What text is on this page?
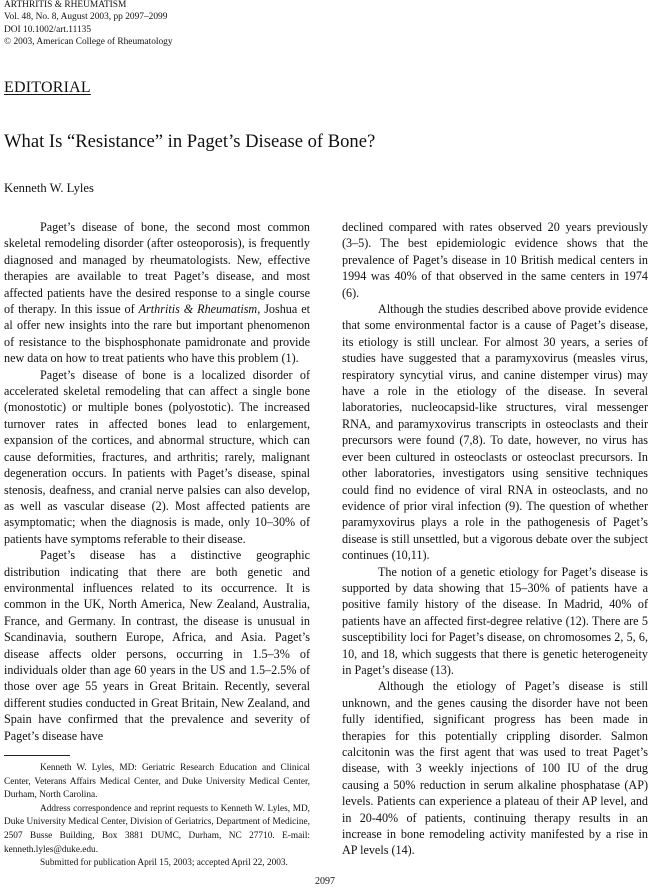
ARTHRITIS & RHEUMATISM
Vol. 48, No. 8, August 2003, pp 2097–2099
DOI 10.1002/art.11135
© 2003, American College of Rheumatology
EDITORIAL
What Is “Resistance” in Paget’s Disease of Bone?
Kenneth W. Lyles

Paget’s disease of bone, the second most common skeletal remodeling disorder (after osteoporosis), is frequently diagnosed and managed by rheumatologists. New, effective therapies are available to treat Paget’s disease, and most affected patients have the desired response to a single course of therapy. In this issue of Arthritis & Rheumatism, Joshua et al offer new insights into the rare but important phenomenon of resistance to the bisphosphonate pamidronate and provide new data on how to treat patients who have this problem (1).

Paget’s disease of bone is a localized disorder of accelerated skeletal remodeling that can affect a single bone (monostotic) or multiple bones (polyostotic). The increased turnover rates in affected bones lead to enlargement, expansion of the cortices, and abnormal structure, which can cause deformities, fractures, and arthritis; rarely, malignant degeneration occurs. In patients with Paget’s disease, spinal stenosis, deafness, and cranial nerve palsies can also develop, as well as vascular disease (2). Most affected patients are asymptomatic; when the diagnosis is made, only 10–30% of patients have symptoms referable to their disease.

Paget’s disease has a distinctive geographic distribution indicating that there are both genetic and environmental influences related to its occurrence. It is common in the UK, North America, New Zealand, Australia, France, and Germany. In contrast, the disease is unusual in Scandinavia, southern Europe, Africa, and Asia. Paget’s disease affects older persons, occurring in 1.5–3% of individuals older than age 60 years in the US and 1.5–2.5% of those over age 55 years in Great Britain. Recently, several different studies conducted in Great Britain, New Zealand, and Spain have confirmed that the prevalence and severity of Paget’s disease have

declined compared with rates observed 20 years previously (3–5). The best epidemiologic evidence shows that the prevalence of Paget’s disease in 10 British medical centers in 1994 was 40% of that observed in the same centers in 1974 (6).

Although the studies described above provide evidence that some environmental factor is a cause of Paget’s disease, its etiology is still unclear. For almost 30 years, a series of studies have suggested that a paramyxovirus (measles virus, respiratory syncytial virus, and canine distemper virus) may have a role in the etiology of the disease. In several laboratories, nucleocapsid-like structures, viral messenger RNA, and paramyxovirus transcripts in osteoclasts and their precursors were found (7,8). To date, however, no virus has ever been cultured in osteoclasts or osteoclast precursors. In other laboratories, investigators using sensitive techniques could find no evidence of viral RNA in osteoclasts, and no evidence of prior viral infection (9). The question of whether paramyxovirus plays a role in the pathogenesis of Paget’s disease is still unsettled, but a vigorous debate over the subject continues (10,11).

The notion of a genetic etiology for Paget’s disease is supported by data showing that 15–30% of patients have a positive family history of the disease. In Madrid, 40% of patients have an affected first-degree relative (12). There are 5 susceptibility loci for Paget’s disease, on chromosomes 2, 5, 6, 10, and 18, which suggests that there is genetic heterogeneity in Paget’s disease (13).

Although the etiology of Paget’s disease is still unknown, and the genes causing the disorder have not been fully identified, significant progress has been made in therapies for this potentially crippling disorder. Salmon calcitonin was the first agent that was used to treat Paget’s disease, with 3 weekly injections of 100 IU of the drug causing a 50% reduction in serum alkaline phosphatase (AP) levels. Patients can experience a plateau of their AP level, and in 20-40% of patients, continuing therapy results in an increase in bone remodeling activity manifested by a rise in AP levels (14).

Kenneth W. Lyles, MD: Geriatric Research Education and Clinical Center, Veterans Affairs Medical Center, and Duke University Medical Center, Durham, North Carolina.

Address correspondence and reprint requests to Kenneth W. Lyles, MD, Duke University Medical Center, Division of Geriatrics, Department of Medicine, 2507 Busse Building, Box 3881 DUMC, Durham, NC 27710. E-mail: kenneth.lyles@duke.edu.

Submitted for publication April 15, 2003; accepted April 22, 2003.

2097
